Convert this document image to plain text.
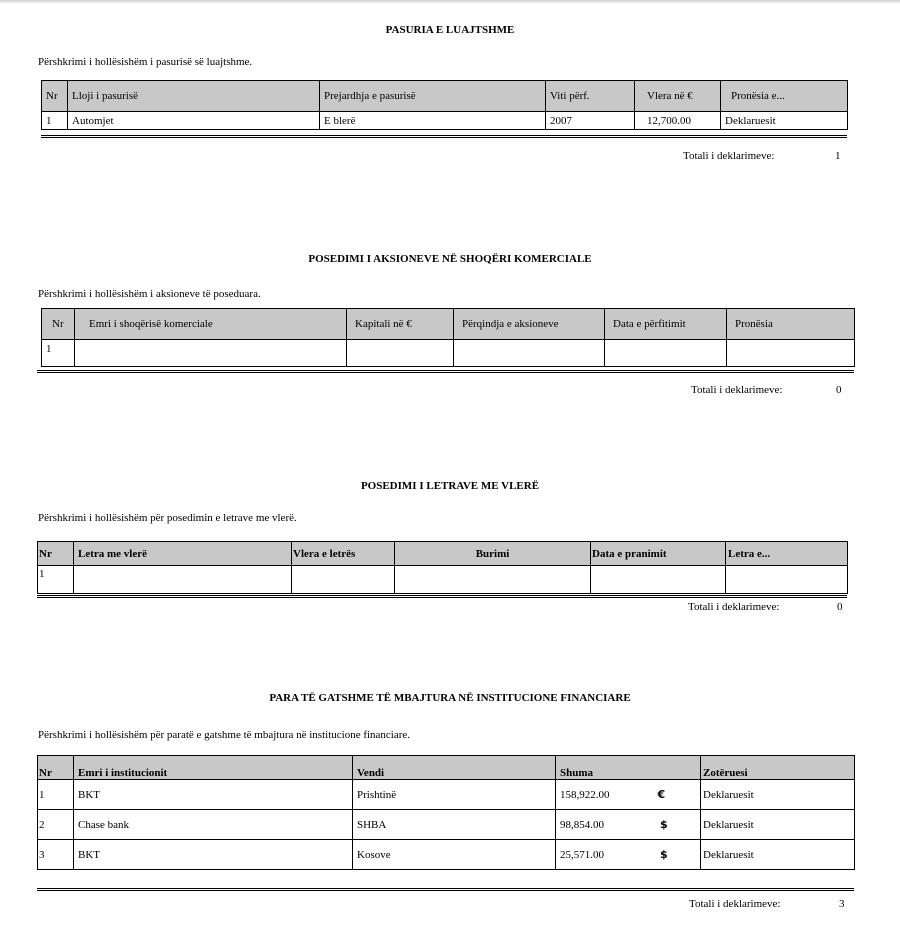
PASURIA E LUAJTSHME
Përshkrimi i hollësishëm i pasurisë së luajtshme.
Nr	Lloji i pasurisë	Prejardhja e pasurisë	Viti përf.	Vlera në €	Pronësia e...
1	Automjet	E blerë	2007	12,700.00	Deklaruesit
Totali i deklarimeve:	1
POSEDIMI I AKSIONEVE NË SHOQËRI KOMERCIALE
Përshkrimi i hollësishëm i aksioneve të poseduara.
Nr	Emri i shoqërisë komerciale	Kapitali në €	Përqindja e aksioneve	Data e përfitimit	Pronësia
1					
Totali i deklarimeve:	0
POSEDIMI I LETRAVE ME VLERË
Përshkrimi i hollësishëm për posedimin e letrave me vlerë.
Nr	Letra me vlerë	Vlera e letrës	Burimi	Data e pranimit	Letra e...
1					
Totali i deklarimeve:	0
PARA TË GATSHME TË MBAJTURA NË INSTITUCIONE FINANCIARE
Përshkrimi i hollësishëm për paratë e gatshme të mbajtura në institucione financiare.
Nr	Emri i institucionit	Vendi	Shuma	Zotëruesi
1	BKT	Prishtinë	158,922.00 €	Deklaruesit
2	Chase bank	SHBA	98,854.00 $	Deklaruesit
3	BKT	Kosove	25,571.00 $	Deklaruesit
Totali i deklarimeve:	3
